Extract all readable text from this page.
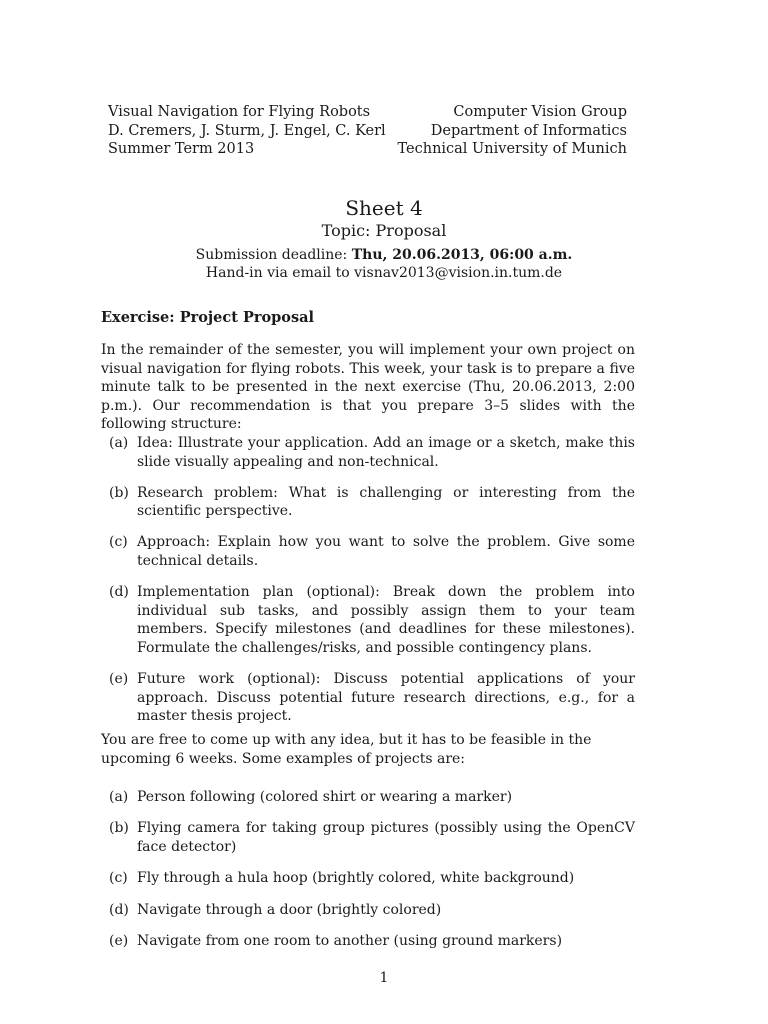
Visual Navigation for Flying Robots
D. Cremers, J. Sturm, J. Engel, C. Kerl
Summer Term 2013
Computer Vision Group
Department of Informatics
Technical University of Munich
Sheet 4
Topic: Proposal
Submission deadline: Thu, 20.06.2013, 06:00 a.m.
Hand-in via email to visnav2013@vision.in.tum.de
Exercise: Project Proposal

In the remainder of the semester, you will implement your own project on visual navigation for flying robots. This week, your task is to prepare a five minute talk to be presented in the next exercise (Thu, 20.06.2013, 2:00 p.m.). Our recommendation is that you prepare 3–5 slides with the following structure:

(a) Idea: Illustrate your application. Add an image or a sketch, make this slide visually appealing and non-technical.
(b) Research problem: What is challenging or interesting from the scientific perspective.
(c) Approach: Explain how you want to solve the problem. Give some technical details.
(d) Implementation plan (optional): Break down the problem into individual sub tasks, and possibly assign them to your team members. Specify milestones (and deadlines for these milestones). Formulate the challenges/risks, and possible contingency plans.
(e) Future work (optional): Discuss potential applications of your approach. Discuss potential future research directions, e.g., for a master thesis project.
You are free to come up with any idea, but it has to be feasible in the upcoming 6 weeks. Some examples of projects are:
(a) Person following (colored shirt or wearing a marker)
(b) Flying camera for taking group pictures (possibly using the OpenCV face detector)
(c) Fly through a hula hoop (brightly colored, white background)
(d) Navigate through a door (brightly colored)
(e) Navigate from one room to another (using ground markers)
1
